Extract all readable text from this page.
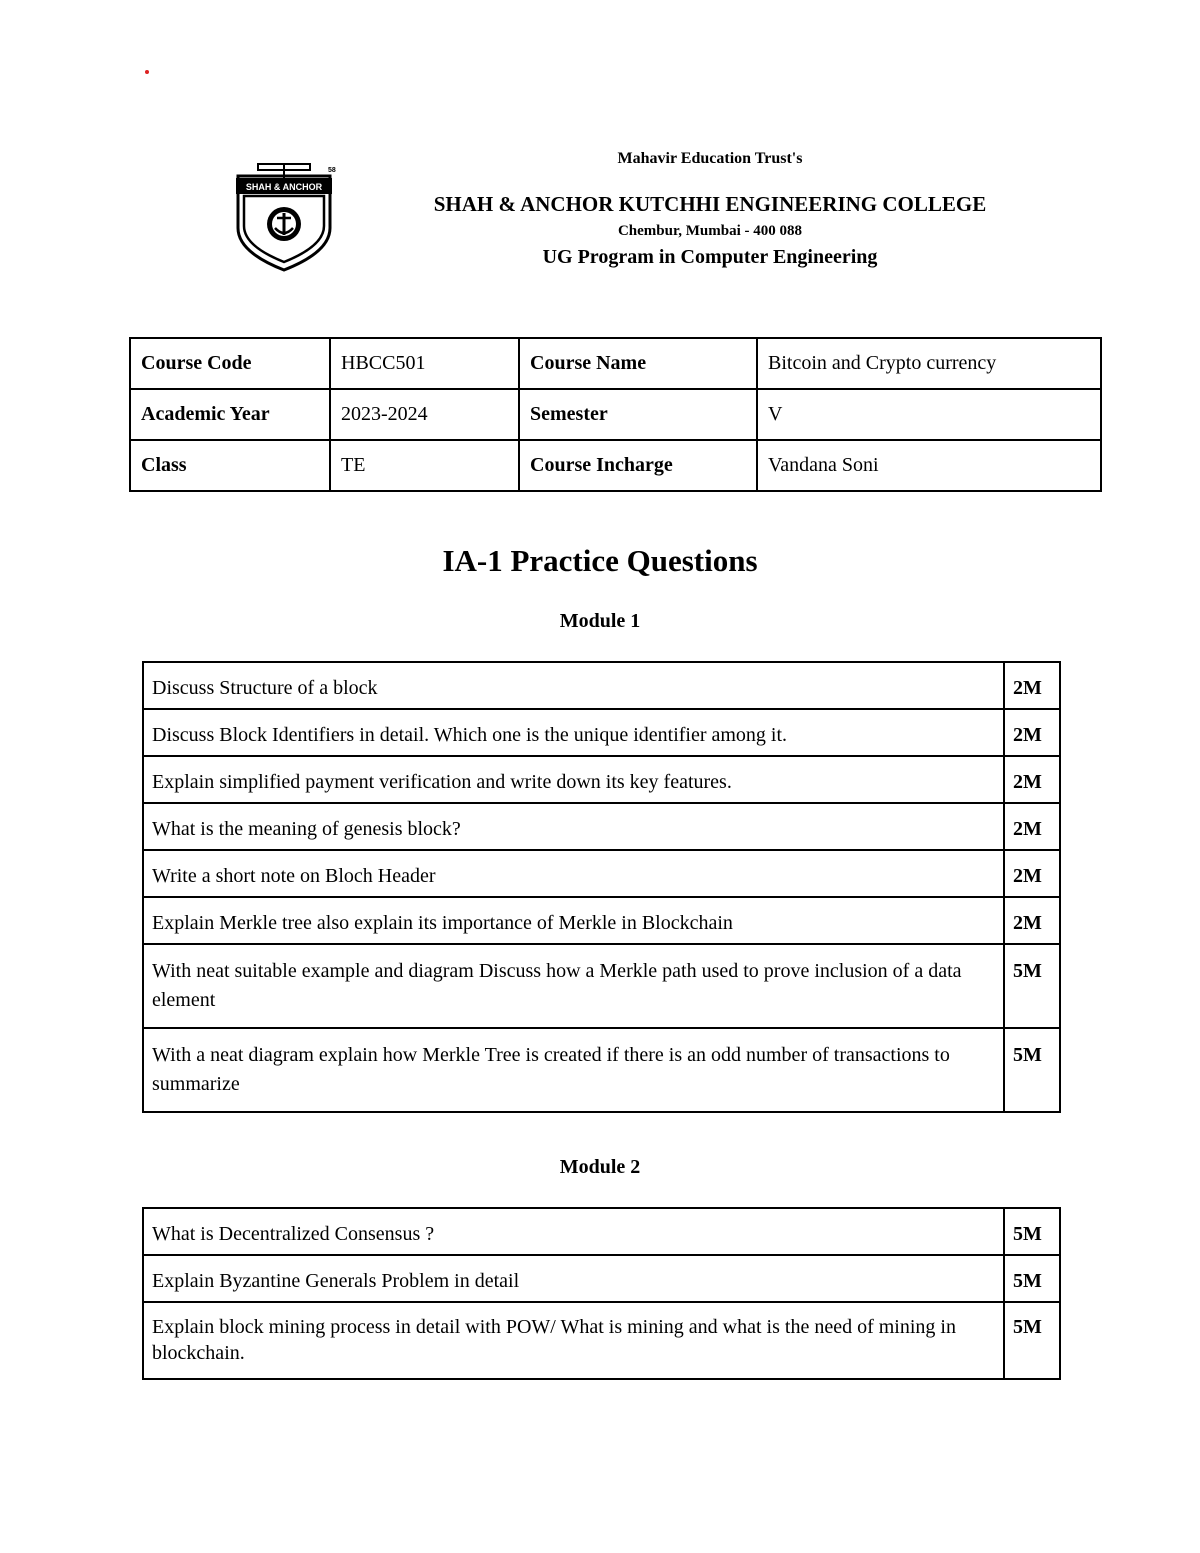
SHAH & ANCHOR
58
Mahavir Education Trust's
SHAH & ANCHOR KUTCHHI ENGINEERING COLLEGE
Chembur, Mumbai - 400 088
UG Program in Computer Engineering
Course Code	HBCC501	Course Name	Bitcoin and Crypto currency
Academic Year	2023-2024	Semester	V
Class	TE	Course Incharge	Vandana Soni
IA-1 Practice Questions
Module 1
Discuss Structure of a block	2M
Discuss Block Identifiers in detail. Which one is the unique identifier among it.	2M
Explain simplified payment verification and write down its key features.	2M
What is the meaning of genesis block?	2M
Write a short note on Bloch Header	2M
Explain Merkle tree also explain its importance of Merkle in Blockchain	2M
With neat suitable example and diagram Discuss how a Merkle path used to prove inclusion of a data element	5M
With a neat diagram explain how Merkle Tree is created if there is an odd number of transactions to summarize	5M
Module 2
What is Decentralized Consensus ?	5M
Explain Byzantine Generals Problem in detail	5M
Explain block mining process in detail with POW/ What is mining and what is the need of mining in blockchain.	5M
